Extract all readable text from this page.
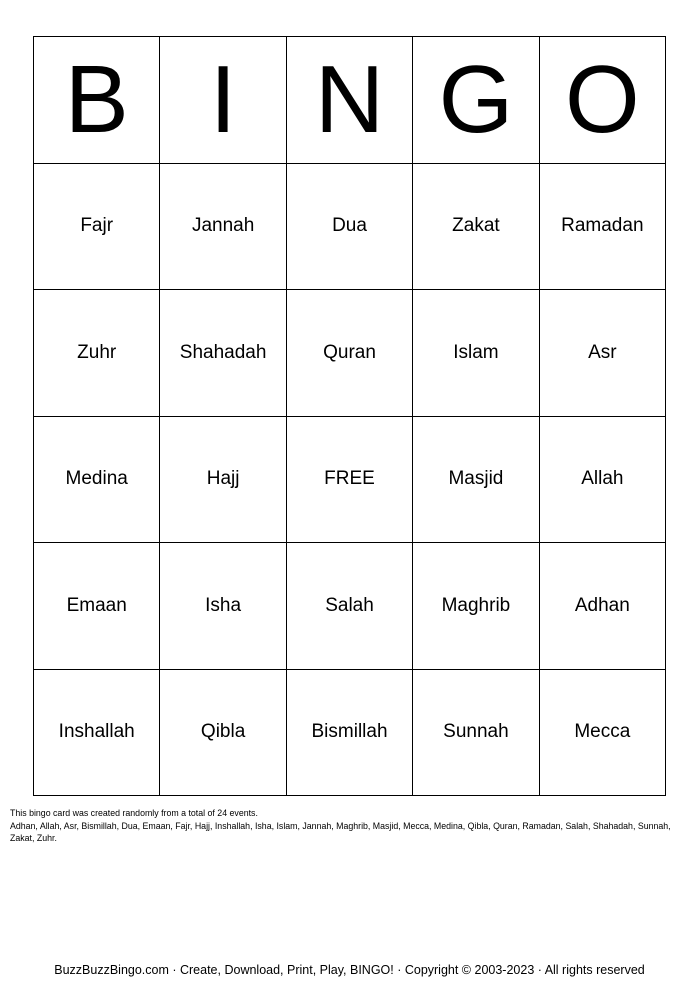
B I N G O
Fajr	Jannah	Dua	Zakat	Ramadan
Zuhr	Shahadah	Quran	Islam	Asr
Medina	Hajj	FREE	Masjid	Allah
Emaan	Isha	Salah	Maghrib	Adhan
Inshallah	Qibla	Bismillah	Sunnah	Mecca
This bingo card was created randomly from a total of 24 events.
Adhan, Allah, Asr, Bismillah, Dua, Emaan, Fajr, Hajj, Inshallah, Isha, Islam, Jannah, Maghrib, Masjid, Mecca, Medina, Qibla, Quran, Ramadan, Salah, Shahadah, Sunnah, Zakat, Zuhr.
BuzzBuzzBingo.com · Create, Download, Print, Play, BINGO! · Copyright © 2003-2023 · All rights reserved
